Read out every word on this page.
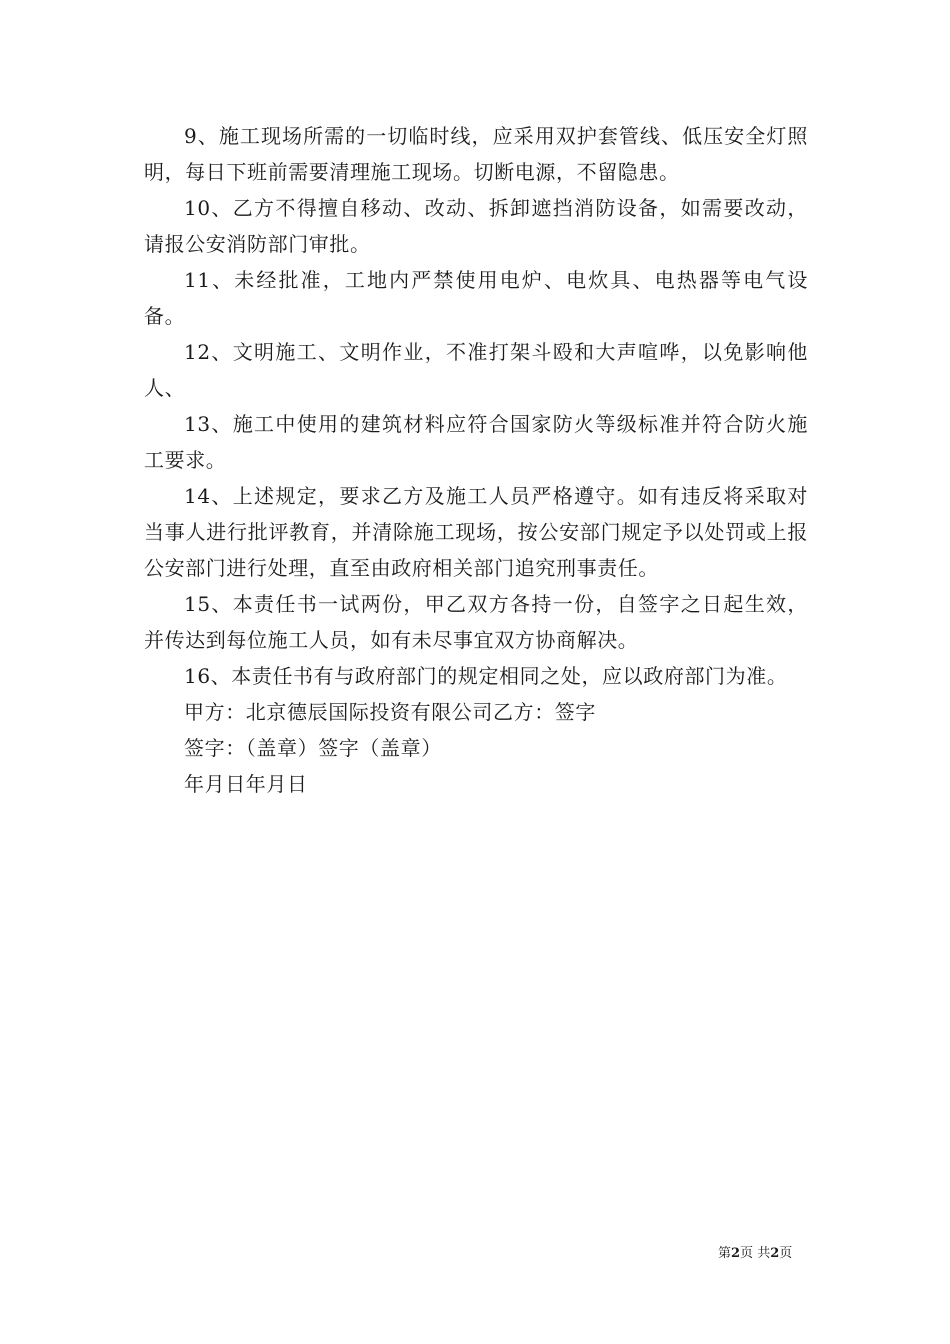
9、施工现场所需的一切临时线，应采用双护套管线、低压安全灯照明，每日下班前需要清理施工现场。切断电源，不留隐患。

10、乙方不得擅自移动、改动、拆卸遮挡消防设备，如需要改动，请报公安消防部门审批。

11、未经批准，工地内严禁使用电炉、电炊具、电热器等电气设备。

12、文明施工、文明作业，不准打架斗殴和大声喧哗，以免影响他人、

13、施工中使用的建筑材料应符合国家防火等级标准并符合防火施工要求。

14、上述规定，要求乙方及施工人员严格遵守。如有违反将采取对当事人进行批评教育，并清除施工现场，按公安部门规定予以处罚或上报公安部门进行处理，直至由政府相关部门追究刑事责任。

15、本责任书一试两份，甲乙双方各持一份，自签字之日起生效，并传达到每位施工人员，如有未尽事宜双方协商解决。

16、本责任书有与政府部门的规定相同之处，应以政府部门为准。

甲方：北京德辰国际投资有限公司乙方：签字

签字：（盖章）签字（盖章）

年月日年月日

第2页 共2页
